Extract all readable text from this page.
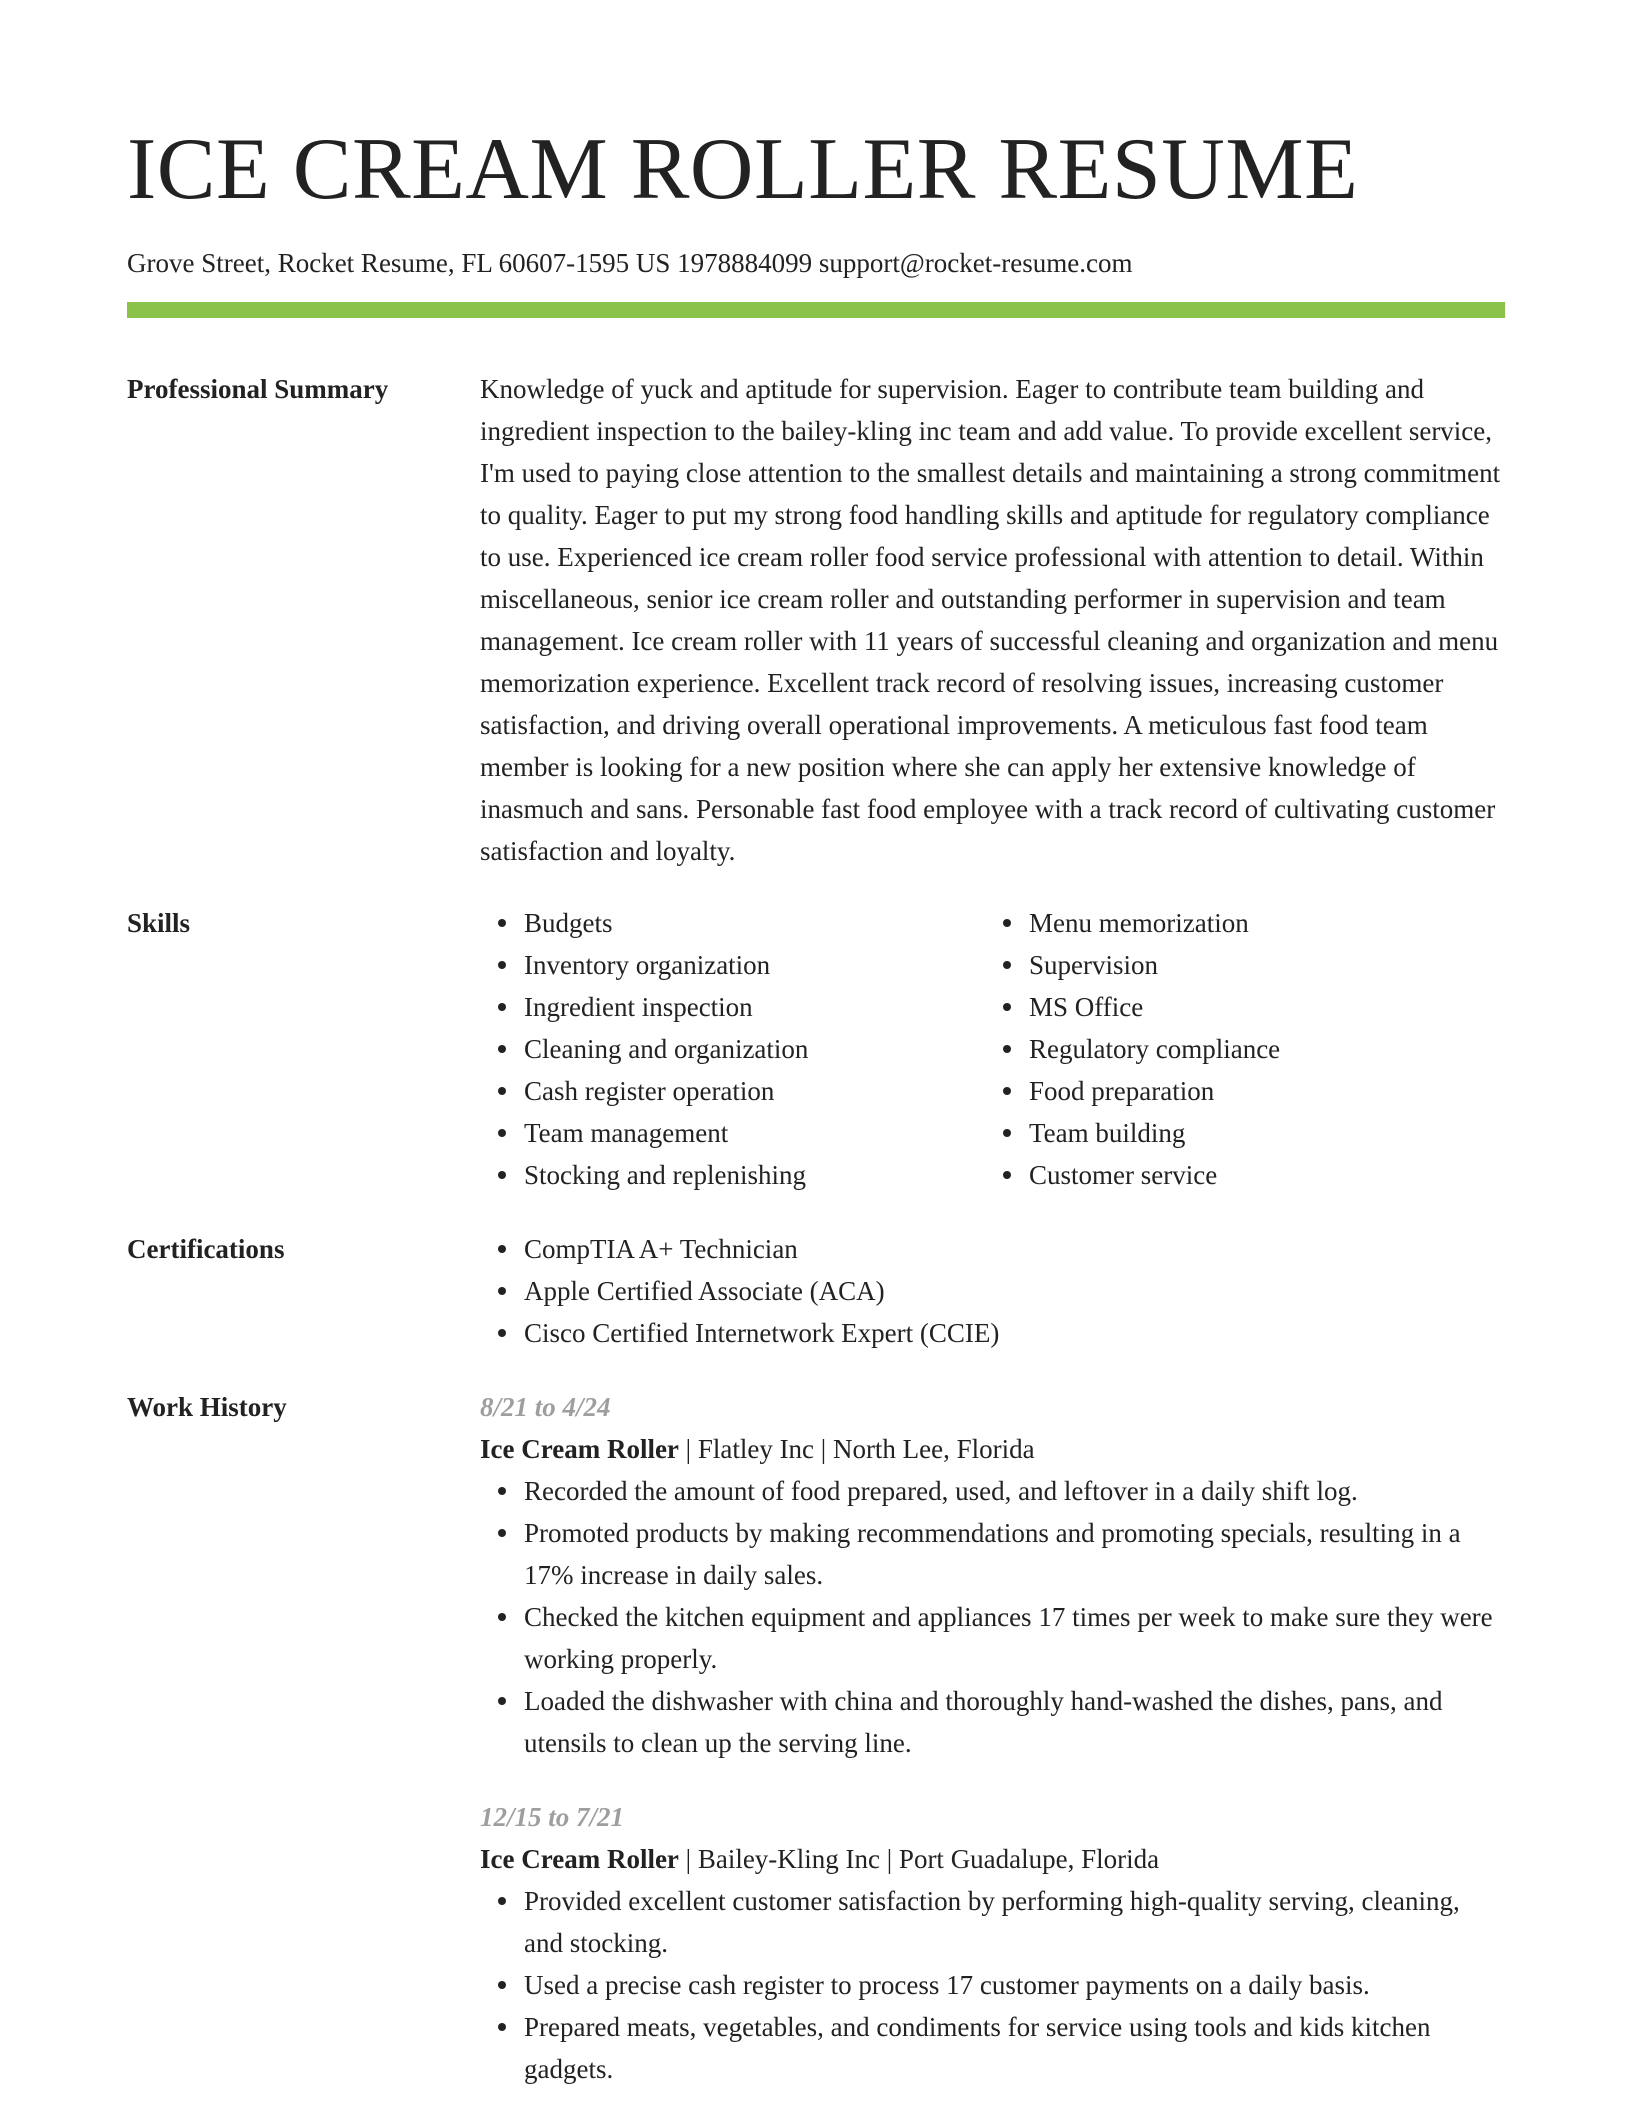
ICE CREAM ROLLER RESUME
Grove Street, Rocket Resume, FL 60607-1595 US 1978884099 support@rocket-resume.com
Professional Summary	Knowledge of yuck and aptitude for supervision. Eager to contribute team building and ingredient inspection to the bailey-kling inc team and add value. To provide excellent service, I'm used to paying close attention to the smallest details and maintaining a strong commitment to quality. Eager to put my strong food handling skills and aptitude for regulatory compliance to use. Experienced ice cream roller food service professional with attention to detail. Within miscellaneous, senior ice cream roller and outstanding performer in supervision and team management. Ice cream roller with 11 years of successful cleaning and organization and menu memorization experience. Excellent track record of resolving issues, increasing customer satisfaction, and driving overall operational improvements. A meticulous fast food team member is looking for a new position where she can apply her extensive knowledge of inasmuch and sans. Personable fast food employee with a track record of cultivating customer satisfaction and loyalty.
Skills	Budgets
Inventory organization
Ingredient inspection
Cleaning and organization
Cash register operation
Team management
Stocking and replenishing
Menu memorization
Supervision
MS Office
Regulatory compliance
Food preparation
Team building
Customer service
Certifications	CompTIA A+ Technician
Apple Certified Associate (ACA)
Cisco Certified Internetwork Expert (CCIE)
Work History	8/21 to 4/24
Ice Cream Roller | Flatley Inc | North Lee, Florida
Recorded the amount of food prepared, used, and leftover in a daily shift log.
Promoted products by making recommendations and promoting specials, resulting in a 17% increase in daily sales.
Checked the kitchen equipment and appliances 17 times per week to make sure they were working properly.
Loaded the dishwasher with china and thoroughly hand-washed the dishes, pans, and utensils to clean up the serving line.
12/15 to 7/21
Ice Cream Roller | Bailey-Kling Inc | Port Guadalupe, Florida
Provided excellent customer satisfaction by performing high-quality serving, cleaning, and stocking.
Used a precise cash register to process 17 customer payments on a daily basis.
Prepared meats, vegetables, and condiments for service using tools and kids kitchen gadgets.
